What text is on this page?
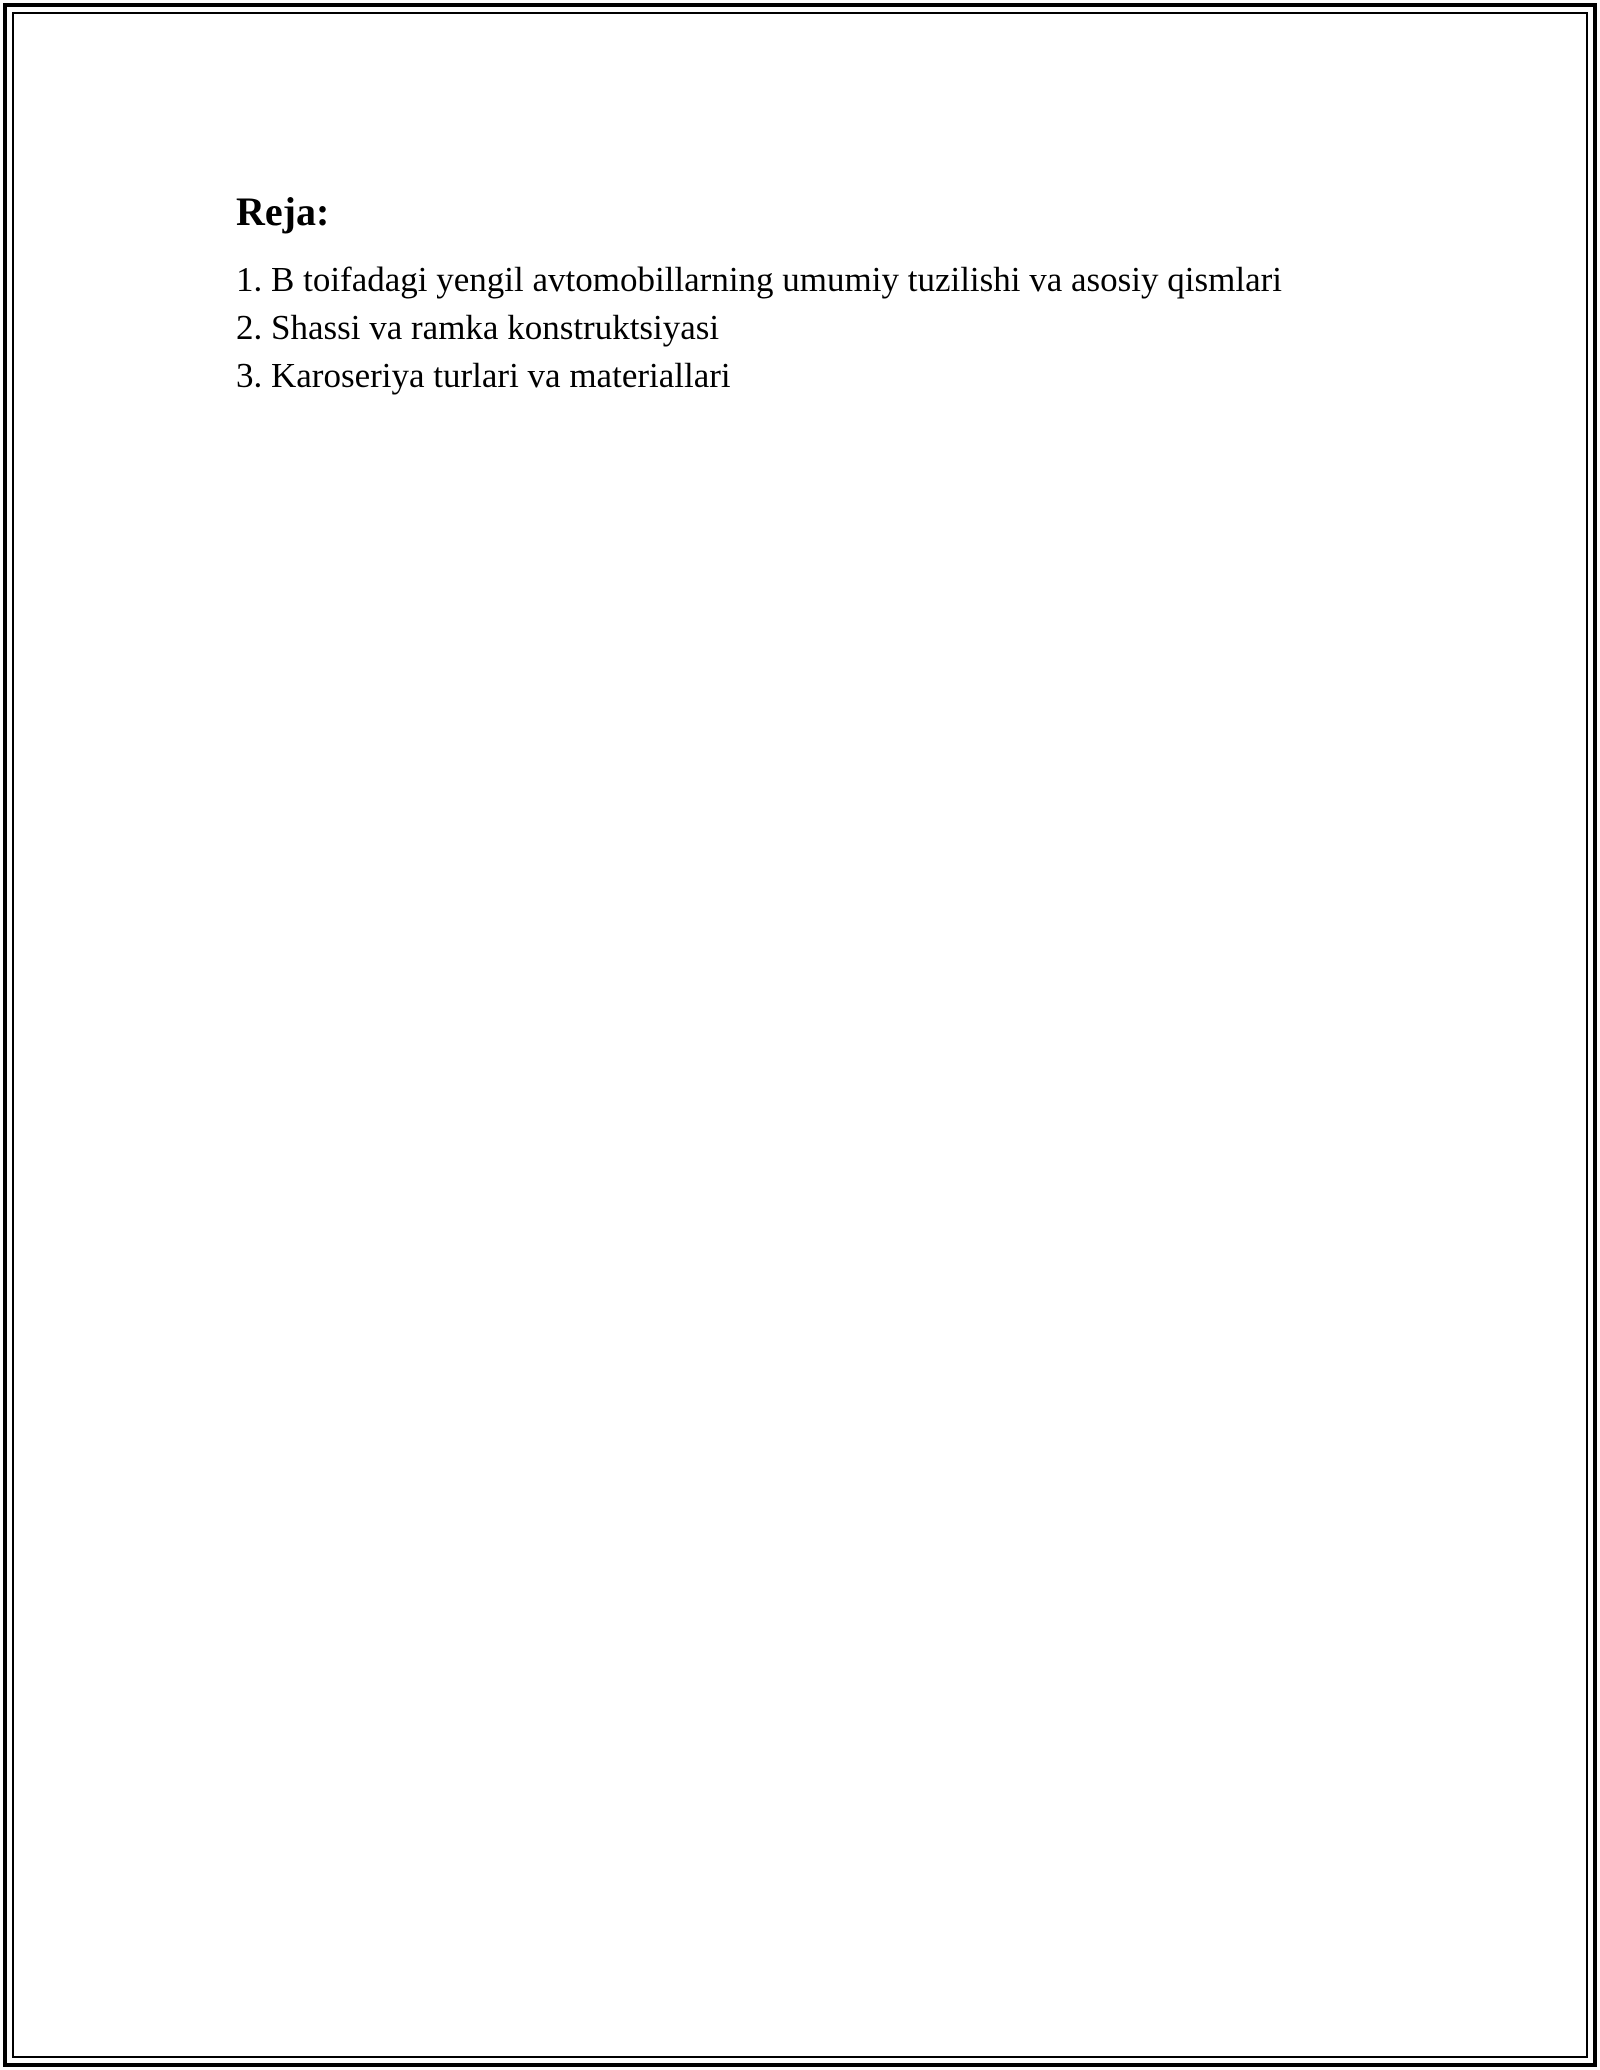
Reja:
1. B toifadagi yengil avtomobillarning umumiy tuzilishi va asosiy qismlari
2. Shassi va ramka konstruktsiyasi
3. Karoseriya turlari va materiallari
